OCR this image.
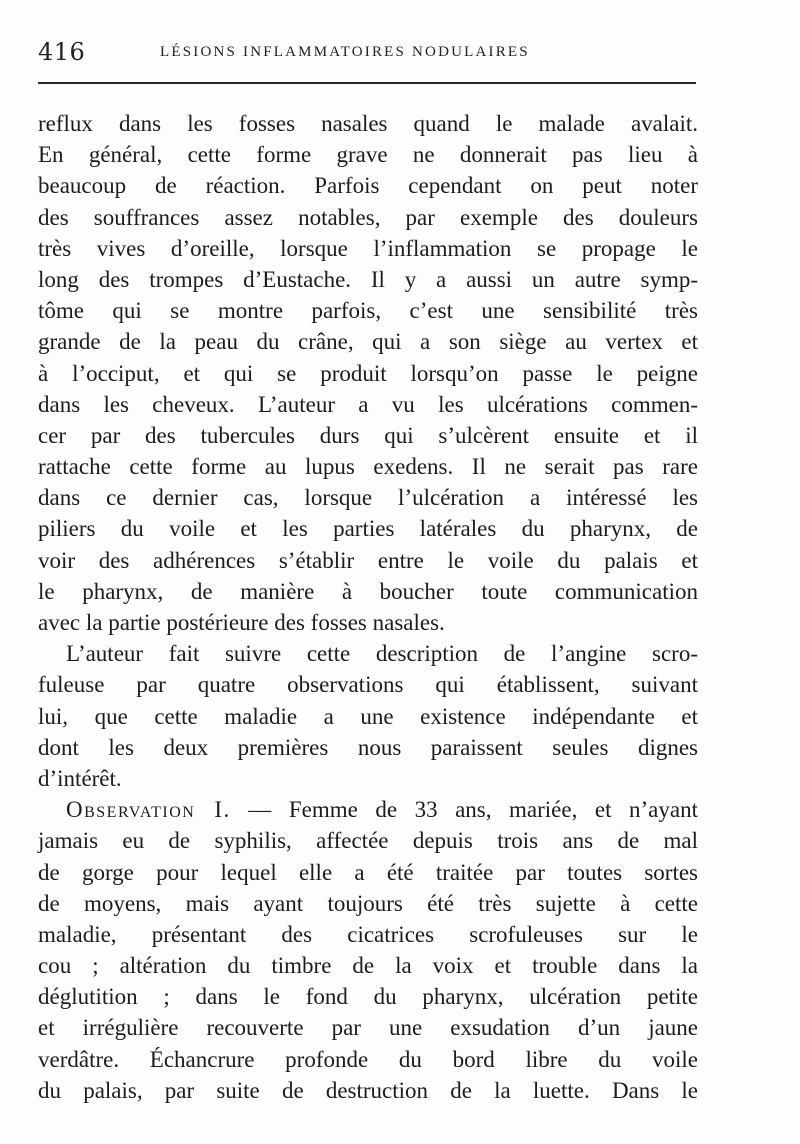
416	LÉSIONS INFLAMMATOIRES NODULAIRES
reflux dans les fosses nasales quand le malade avalait.
En général, cette forme grave ne donnerait pas lieu à
beaucoup de réaction. Parfois cependant on peut noter
des souffrances assez notables, par exemple des douleurs
très vives d’oreille, lorsque l’inflammation se propage le
long des trompes d’Eustache. Il y a aussi un autre symp-
tôme qui se montre parfois, c’est une sensibilité très
grande de la peau du crâne, qui a son siège au vertex et
à l’occiput, et qui se produit lorsqu’on passe le peigne
dans les cheveux. L’auteur a vu les ulcérations commen-
cer par des tubercules durs qui s’ulcèrent ensuite et il
rattache cette forme au lupus exedens. Il ne serait pas rare
dans ce dernier cas, lorsque l’ulcération a intéressé les
piliers du voile et les parties latérales du pharynx, de
voir des adhérences s’établir entre le voile du palais et
le pharynx, de manière à boucher toute communication
avec la partie postérieure des fosses nasales.
L’auteur fait suivre cette description de l’angine scro-
fuleuse par quatre observations qui établissent, suivant
lui, que cette maladie a une existence indépendante et
dont les deux premières nous paraissent seules dignes
d’intérêt.
Observation I. — Femme de 33 ans, mariée, et n’ayant
jamais eu de syphilis, affectée depuis trois ans de mal
de gorge pour lequel elle a été traitée par toutes sortes
de moyens, mais ayant toujours été très sujette à cette
maladie, présentant des cicatrices scrofuleuses sur le
cou ; altération du timbre de la voix et trouble dans la
déglutition ; dans le fond du pharynx, ulcération petite
et irrégulière recouverte par une exsudation d’un jaune
verdâtre. Échancrure profonde du bord libre du voile
du palais, par suite de destruction de la luette. Dans le
